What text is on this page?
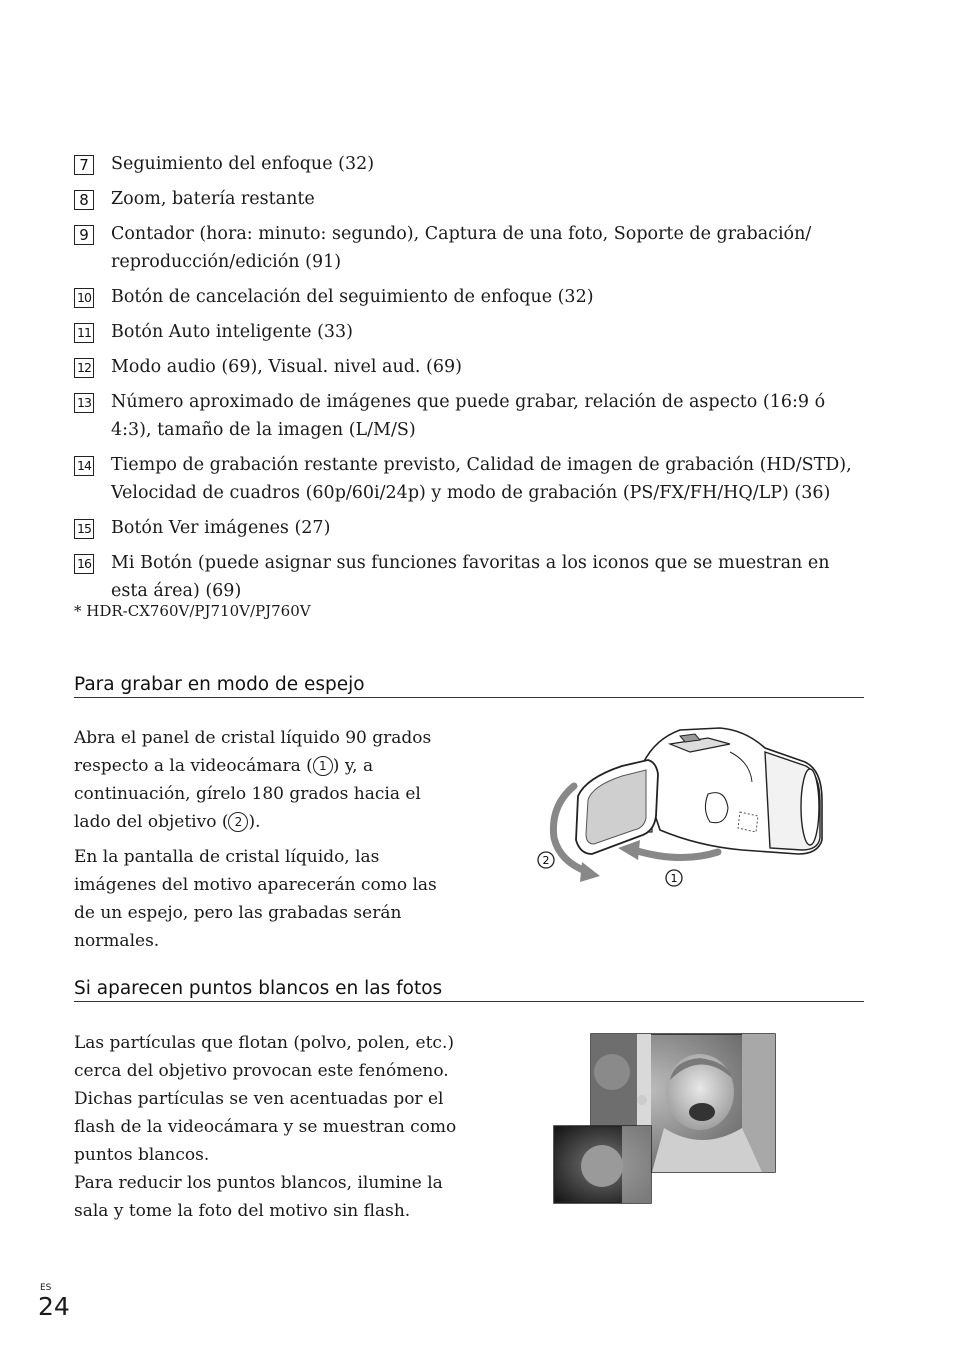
7 Seguimiento del enfoque (32)
8 Zoom, batería restante
9 Contador (hora: minuto: segundo), Captura de una foto, Soporte de grabación/ reproducción/edición (91)
10 Botón de cancelación del seguimiento de enfoque (32)
11 Botón Auto inteligente (33)
12 Modo audio (69), Visual. nivel aud. (69)
13 Número aproximado de imágenes que puede grabar, relación de aspecto (16:9 ó 4:3), tamaño de la imagen (L/M/S)
14 Tiempo de grabación restante previsto, Calidad de imagen de grabación (HD/STD), Velocidad de cuadros (60p/60i/24p) y modo de grabación (PS/FX/FH/HQ/LP) (36)
15 Botón Ver imágenes (27)
16 Mi Botón (puede asignar sus funciones favoritas a los iconos que se muestran en esta área) (69)
* HDR-CX760V/PJ710V/PJ760V
Para grabar en modo de espejo

Abra el panel de cristal líquido 90 grados respecto a la videocámara ( 1 ) y, a continuación, gírelo 180 grados hacia el lado del objetivo ( 2 ).

En la pantalla de cristal líquido, las imágenes del motivo aparecerán como las de un espejo, pero las grabadas serán normales.

2
1
Si aparecen puntos blancos en las fotos
Las partículas que flotan (polvo, polen, etc.) cerca del objetivo provocan este fenómeno. Dichas partículas se ven acentuadas por el flash de la videocámara y se muestran como puntos blancos.
Para reducir los puntos blancos, ilumine la sala y tome la foto del motivo sin flash.
ES
24
